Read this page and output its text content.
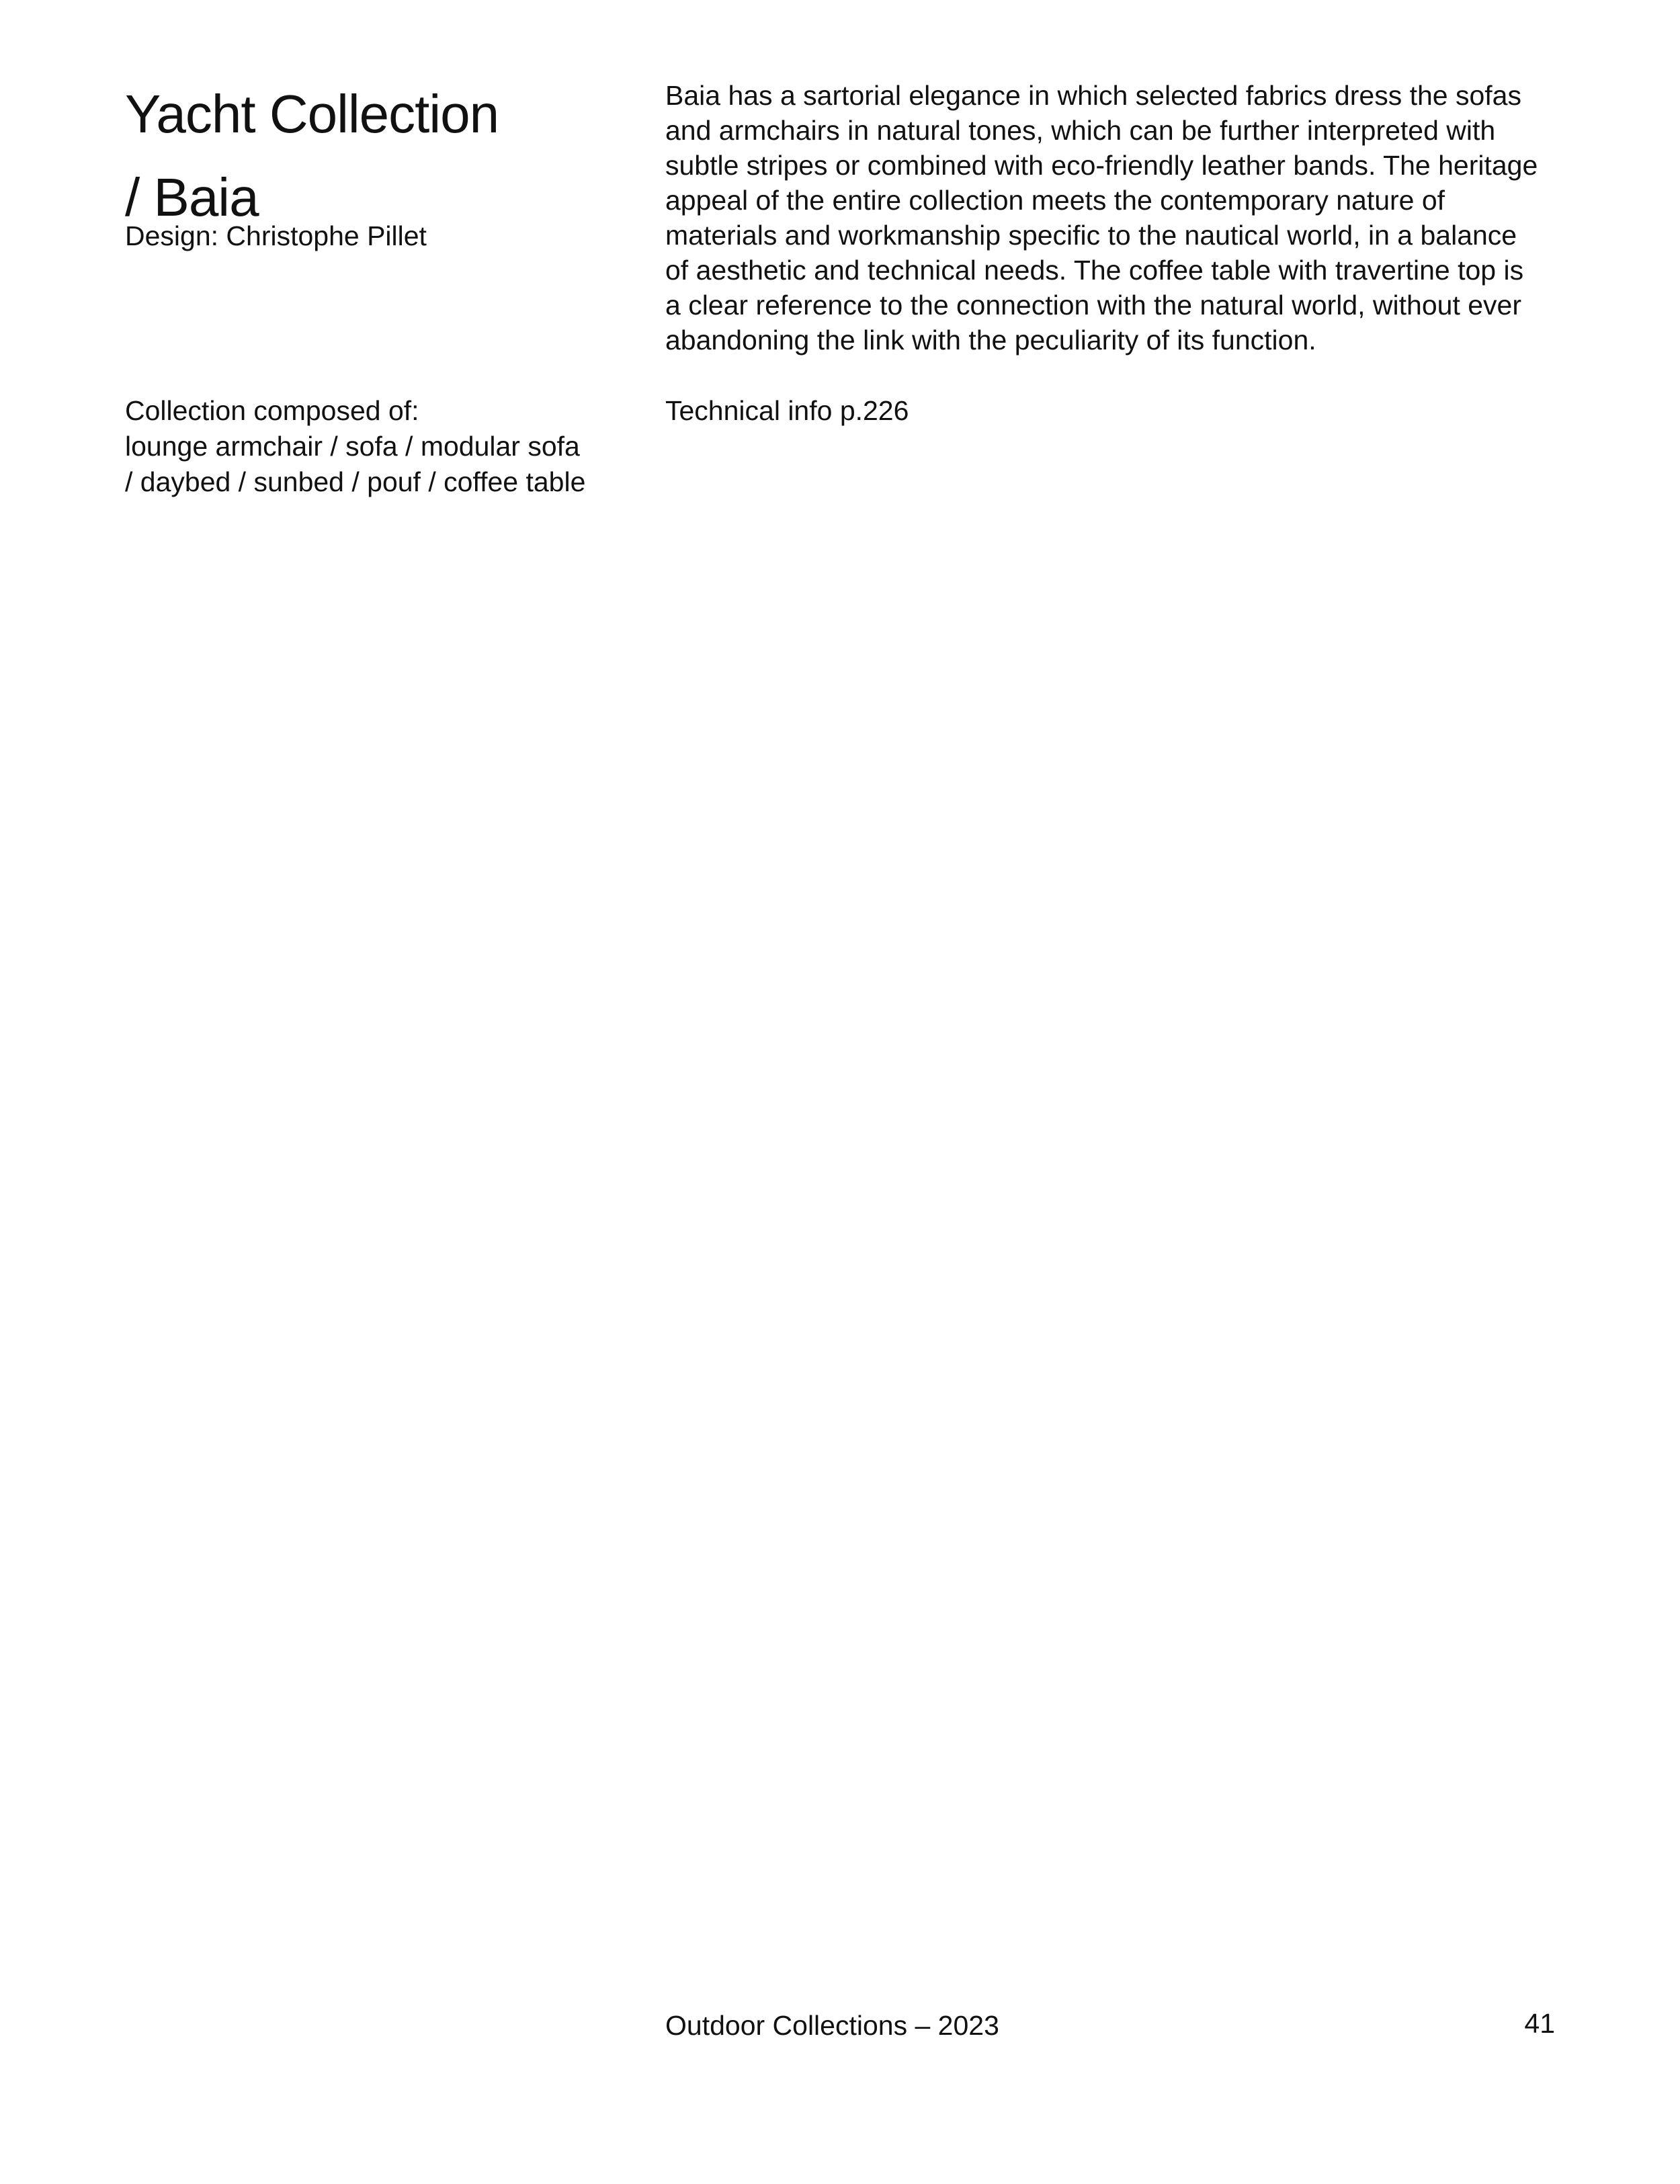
Yacht Collection
/ Baia

Design: Christophe Pillet

Baia has a sartorial elegance in which selected fabrics dress the sofas
and armchairs in natural tones, which can be further interpreted with
subtle stripes or combined with eco-friendly leather bands. The heritage
appeal of the entire collection meets the contemporary nature of
materials and workmanship specific to the nautical world, in a balance
of aesthetic and technical needs. The coffee table with travertine top is
a clear reference to the connection with the natural world, without ever
abandoning the link with the peculiarity of its function.

Collection composed of:
lounge armchair / sofa / modular sofa
/ daybed / sunbed / pouf / coffee table

Technical info p.226

Outdoor Collections – 2023	41
